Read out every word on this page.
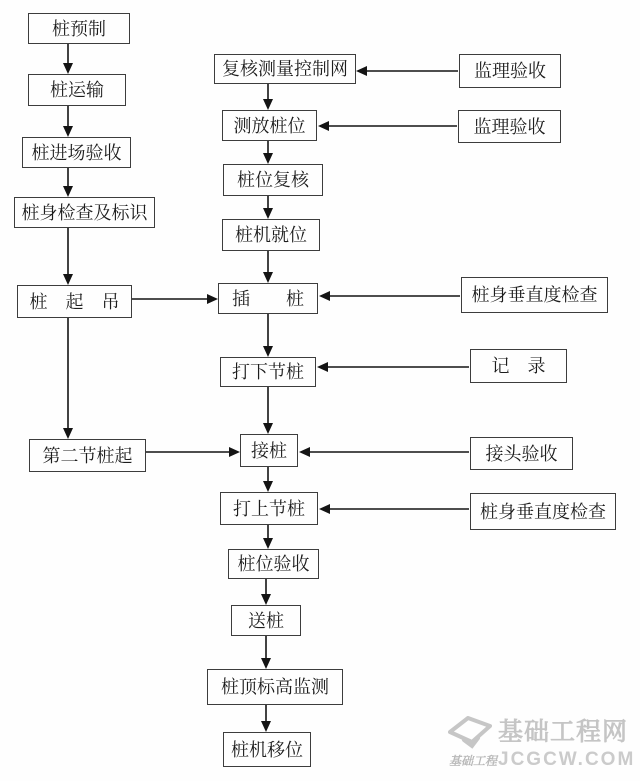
桩预制
桩运输
桩进场验收
桩身检查及标识
桩　起　吊
第二节桩起
复核测量控制网
测放桩位
桩位复核
桩机就位
插　　桩
打下节桩
接桩
打上节桩
桩位验收
送桩
桩顶标高监测
桩机移位
监理验收
监理验收
桩身垂直度检查
记　录
接头验收
桩身垂直度检查
基础工程网
JCGCW.COM
基础工程
